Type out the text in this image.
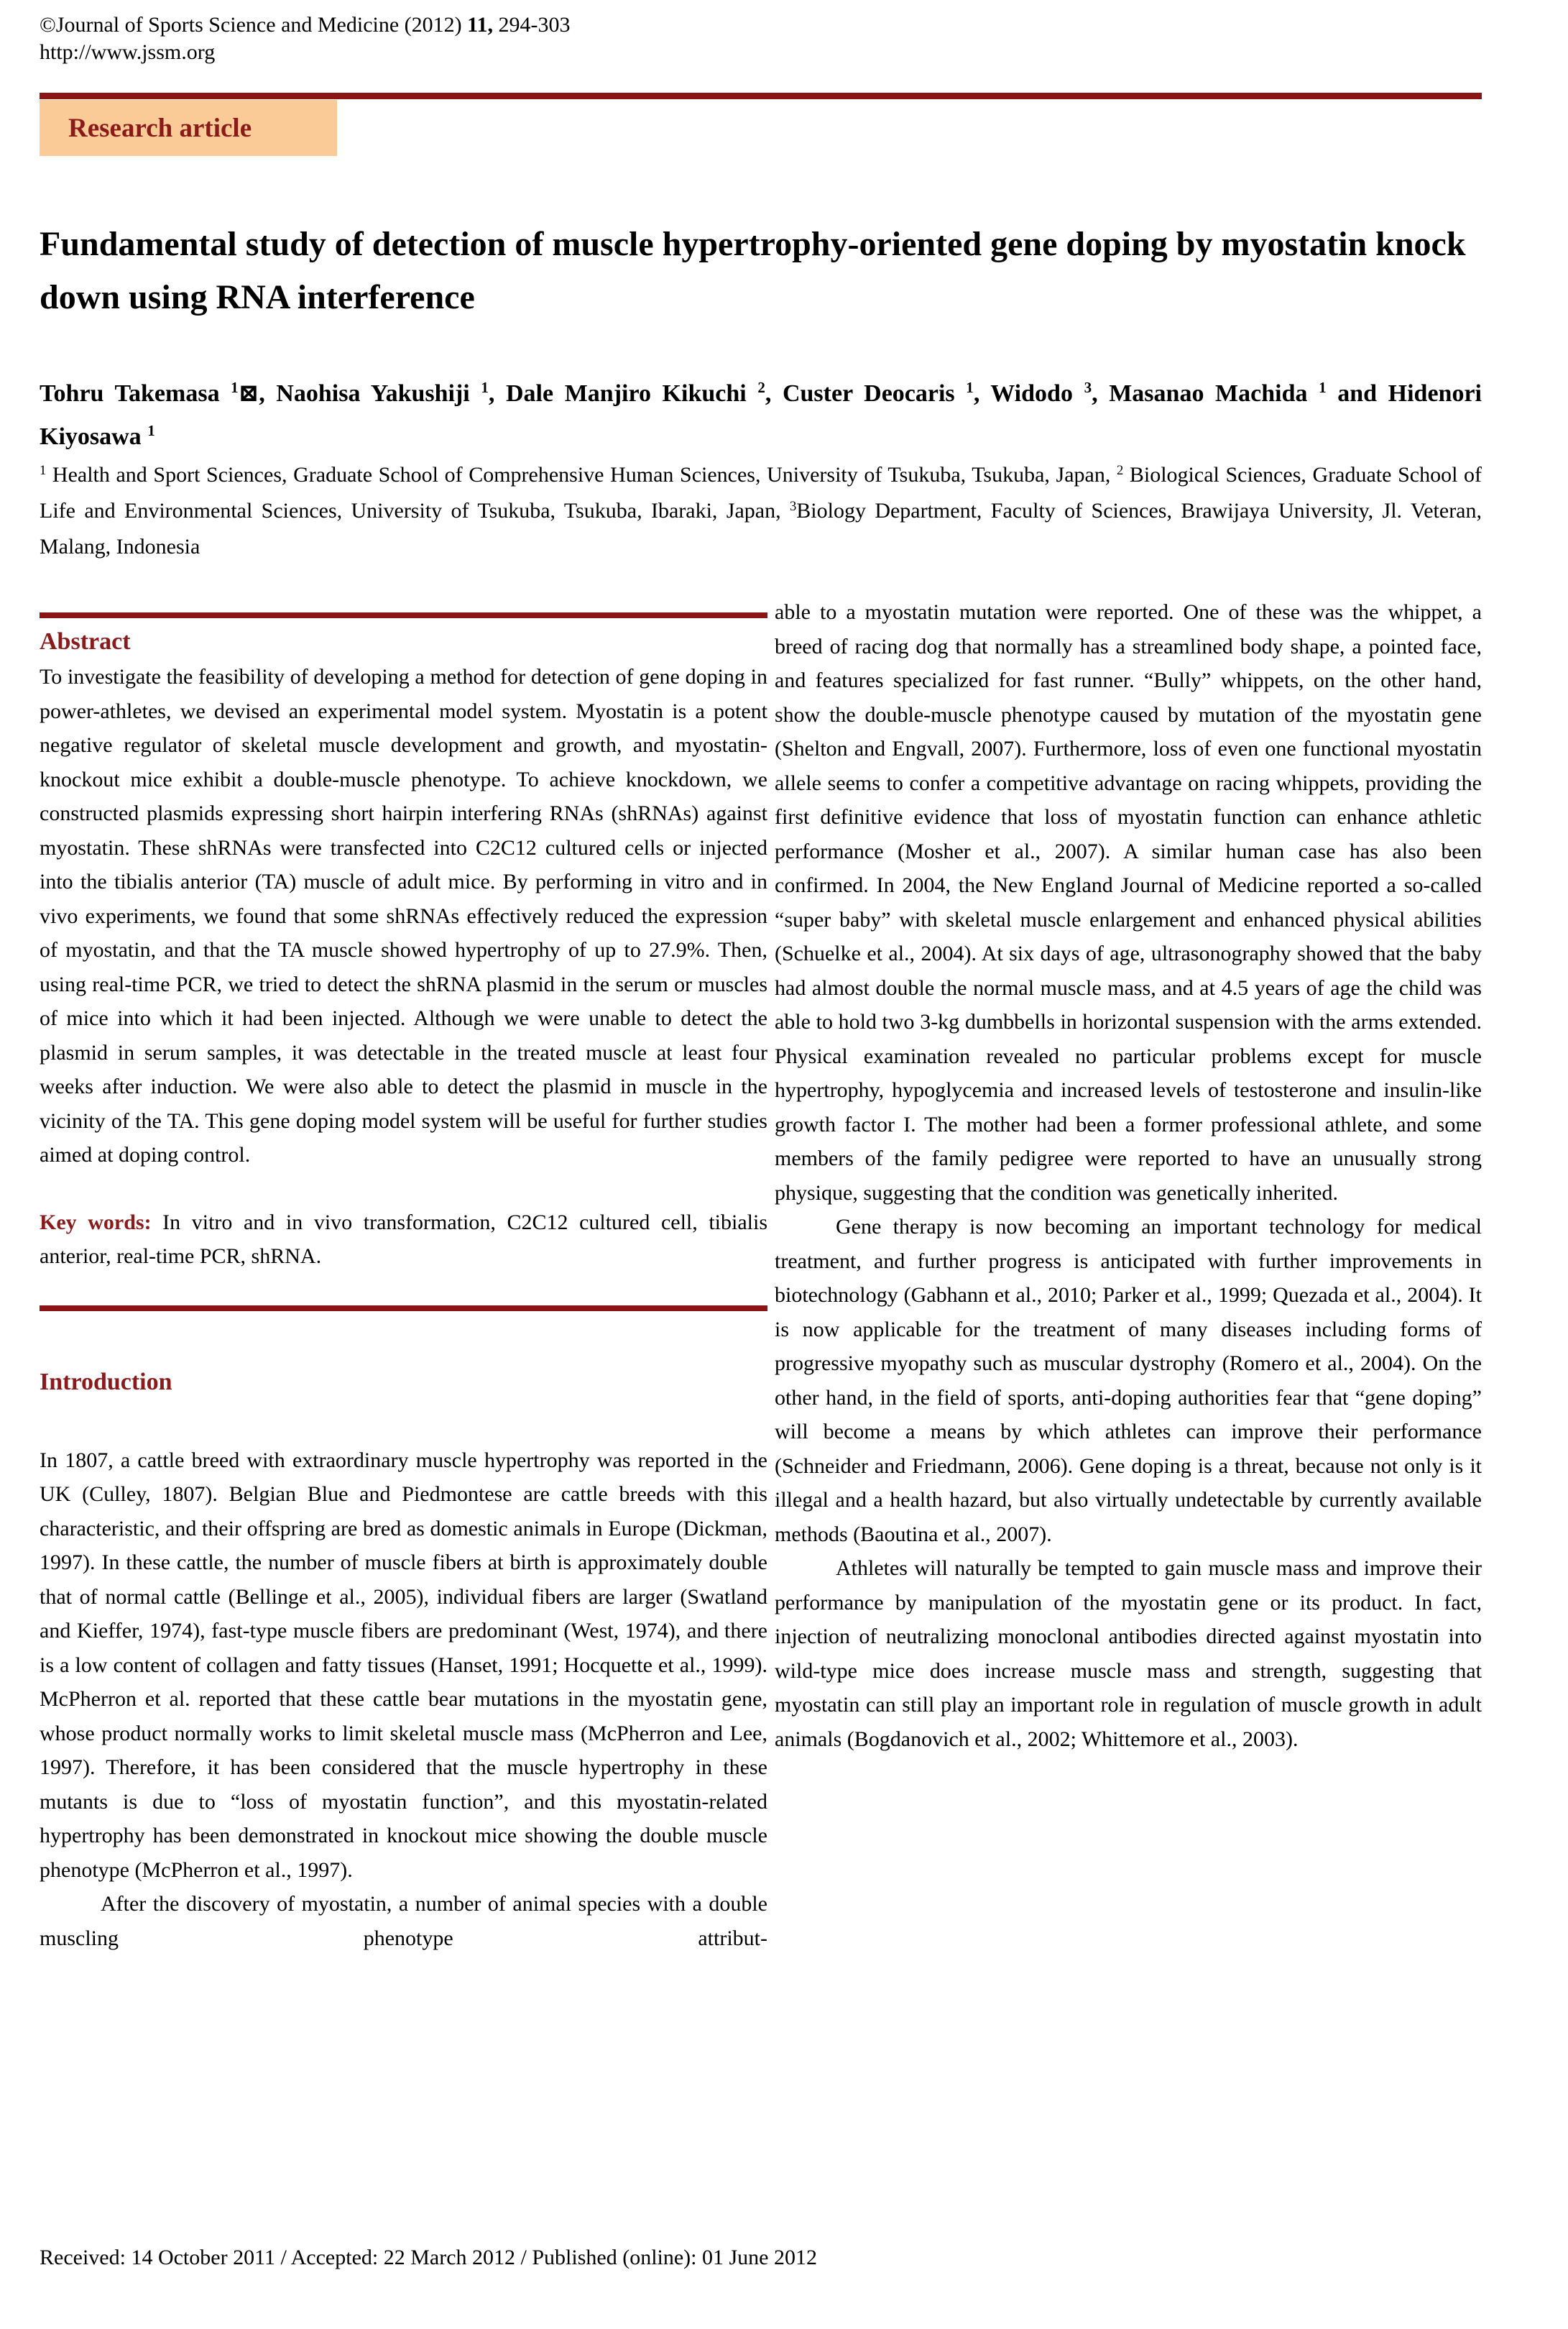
©Journal of Sports Science and Medicine (2012) 11, 294-303
http://www.jssm.org
Research article
Fundamental study of detection of muscle hypertrophy-oriented gene doping by myostatin knock down using RNA interference
Tohru Takemasa $^1$⊠, Naohisa Yakushiji $^1$, Dale Manjiro Kikuchi $^2$, Custer Deocaris $^1$, Widodo $^3$, Masanao Machida $^1$ and Hidenori Kiyosawa $^1$
$^1$ Health and Sport Sciences, Graduate School of Comprehensive Human Sciences, University of Tsukuba, Tsukuba, Japan, $^2$ Biological Sciences, Graduate School of Life and Environmental Sciences, University of Tsukuba, Tsukuba, Ibaraki, Japan, $^3$Biology Department, Faculty of Sciences, Brawijaya University, Jl. Veteran, Malang, Indonesia
Abstract

To investigate the feasibility of developing a method for detection of gene doping in power-athletes, we devised an experimental model system. Myostatin is a potent negative regulator of skeletal muscle development and growth, and myostatin-knockout mice exhibit a double-muscle phenotype. To achieve knockdown, we constructed plasmids expressing short hairpin interfering RNAs (shRNAs) against myostatin. These shRNAs were transfected into C2C12 cultured cells or injected into the tibialis anterior (TA) muscle of adult mice. By performing in vitro and in vivo experiments, we found that some shRNAs effectively reduced the expression of myostatin, and that the TA muscle showed hypertrophy of up to 27.9%. Then, using real-time PCR, we tried to detect the shRNA plasmid in the serum or muscles of mice into which it had been injected. Although we were unable to detect the plasmid in serum samples, it was detectable in the treated muscle at least four weeks after induction. We were also able to detect the plasmid in muscle in the vicinity of the TA. This gene doping model system will be useful for further studies aimed at doping control.

Key words: In vitro and in vivo transformation, C2C12 cultured cell, tibialis anterior, real-time PCR, shRNA.

Introduction

In 1807, a cattle breed with extraordinary muscle hypertrophy was reported in the UK (Culley, 1807). Belgian Blue and Piedmontese are cattle breeds with this characteristic, and their offspring are bred as domestic animals in Europe (Dickman, 1997). In these cattle, the number of muscle fibers at birth is approximately double that of normal cattle (Bellinge et al., 2005), individual fibers are larger (Swatland and Kieffer, 1974), fast-type muscle fibers are predominant (West, 1974), and there is a low content of collagen and fatty tissues (Hanset, 1991; Hocquette et al., 1999). McPherron et al. reported that these cattle bear mutations in the myostatin gene, whose product normally works to limit skeletal muscle mass (McPherron and Lee, 1997). Therefore, it has been considered that the muscle hypertrophy in these mutants is due to “loss of myostatin function”, and this myostatin-related hypertrophy has been demonstrated in knockout mice showing the double muscle phenotype (McPherron et al., 1997).

After the discovery of myostatin, a number of animal species with a double muscling phenotype attribut-

able to a myostatin mutation were reported. One of these was the whippet, a breed of racing dog that normally has a streamlined body shape, a pointed face, and features specialized for fast runner. “Bully” whippets, on the other hand, show the double-muscle phenotype caused by mutation of the myostatin gene (Shelton and Engvall, 2007). Furthermore, loss of even one functional myostatin allele seems to confer a competitive advantage on racing whippets, providing the first definitive evidence that loss of myostatin function can enhance athletic performance (Mosher et al., 2007). A similar human case has also been confirmed. In 2004, the New England Journal of Medicine reported a so-called “super baby” with skeletal muscle enlargement and enhanced physical abilities (Schuelke et al., 2004). At six days of age, ultrasonography showed that the baby had almost double the normal muscle mass, and at 4.5 years of age the child was able to hold two 3-kg dumbbells in horizontal suspension with the arms extended. Physical examination revealed no particular problems except for muscle hypertrophy, hypoglycemia and increased levels of testosterone and insulin-like growth factor I. The mother had been a former professional athlete, and some members of the family pedigree were reported to have an unusually strong physique, suggesting that the condition was genetically inherited.

Gene therapy is now becoming an important technology for medical treatment, and further progress is anticipated with further improvements in biotechnology (Gabhann et al., 2010; Parker et al., 1999; Quezada et al., 2004). It is now applicable for the treatment of many diseases including forms of progressive myopathy such as muscular dystrophy (Romero et al., 2004). On the other hand, in the field of sports, anti-doping authorities fear that “gene doping” will become a means by which athletes can improve their performance (Schneider and Friedmann, 2006). Gene doping is a threat, because not only is it illegal and a health hazard, but also virtually undetectable by currently available methods (Baoutina et al., 2007).

Athletes will naturally be tempted to gain muscle mass and improve their performance by manipulation of the myostatin gene or its product. In fact, injection of neutralizing monoclonal antibodies directed against myostatin into wild-type mice does increase muscle mass and strength, suggesting that myostatin can still play an important role in regulation of muscle growth in adult animals (Bogdanovich et al., 2002; Whittemore et al., 2003).

Received: 14 October 2011 / Accepted: 22 March 2012 / Published (online): 01 June 2012
